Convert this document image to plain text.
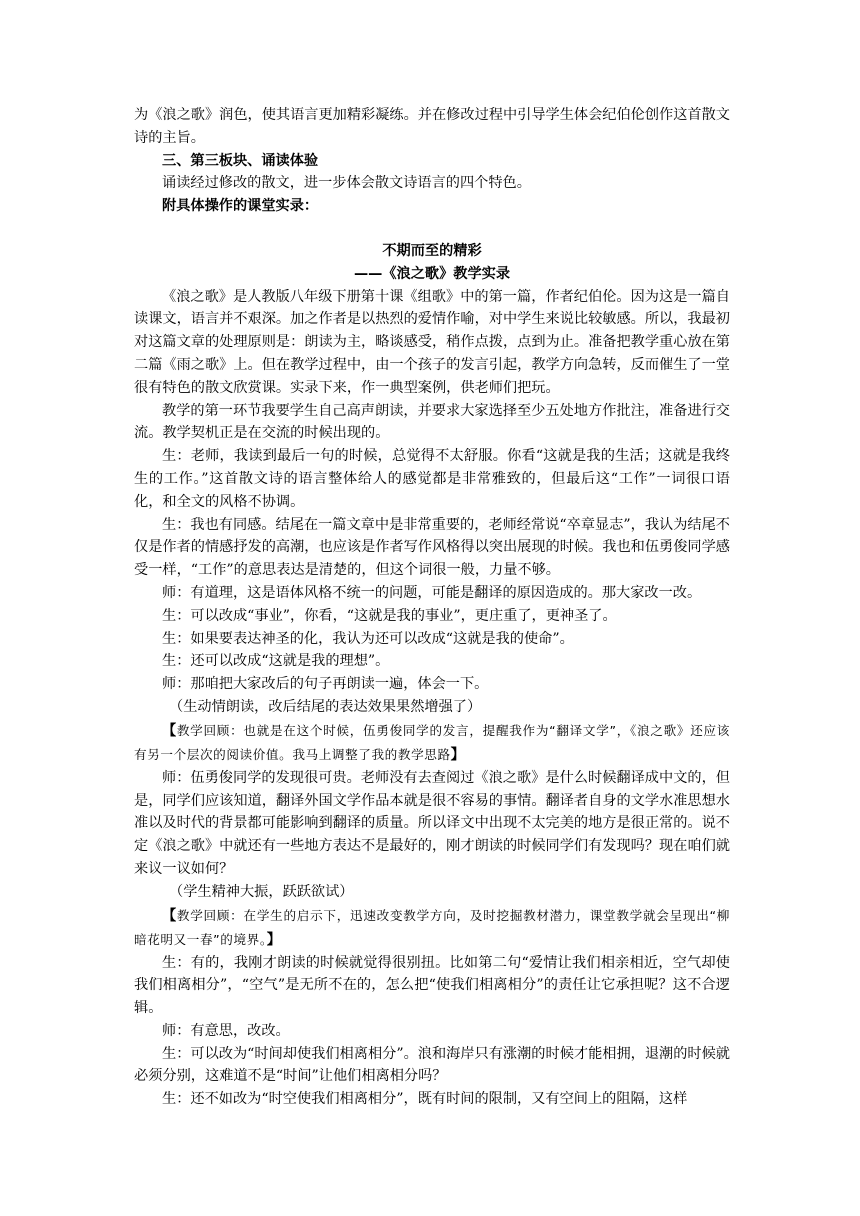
为《浪之歌》润色，使其语言更加精彩凝练。并在修改过程中引导学生体会纪伯伦创作这首散文诗的主旨。

三、第三板块、诵读体验

诵读经过修改的散文，进一步体会散文诗语言的四个特色。

附具体操作的课堂实录：

不期而至的精彩

——《浪之歌》教学实录

《浪之歌》是人教版八年级下册第十课《组歌》中的第一篇，作者纪伯伦。因为这是一篇自读课文，语言并不艰深。加之作者是以热烈的爱情作喻，对中学生来说比较敏感。所以，我最初对这篇文章的处理原则是：朗读为主，略谈感受，稍作点拨，点到为止。准备把教学重心放在第二篇《雨之歌》上。但在教学过程中，由一个孩子的发言引起，教学方向急转，反而催生了一堂很有特色的散文欣赏课。实录下来，作一典型案例，供老师们把玩。

教学的第一环节我要学生自己高声朗读，并要求大家选择至少五处地方作批注，准备进行交流。教学契机正是在交流的时候出现的。

生：老师，我读到最后一句的时候，总觉得不太舒服。你看“这就是我的生活；这就是我终生的工作。”这首散文诗的语言整体给人的感觉都是非常雅致的，但最后这“工作”一词很口语化，和全文的风格不协调。

生：我也有同感。结尾在一篇文章中是非常重要的，老师经常说“卒章显志”，我认为结尾不仅是作者的情感抒发的高潮，也应该是作者写作风格得以突出展现的时候。我也和伍勇俊同学感受一样，“工作”的意思表达是清楚的，但这个词很一般，力量不够。

师：有道理，这是语体风格不统一的问题，可能是翻译的原因造成的。那大家改一改。

生：可以改成“事业”，你看，“这就是我的事业”，更庄重了，更神圣了。

生：如果要表达神圣的化，我认为还可以改成“这就是我的使命”。

生：还可以改成“这就是我的理想”。

师：那咱把大家改后的句子再朗读一遍，体会一下。

（生动情朗读，改后结尾的表达效果果然增强了）

【教学回顾：也就是在这个时候，伍勇俊同学的发言，提醒我作为“翻译文学”，《浪之歌》还应该有另一个层次的阅读价值。我马上调整了我的教学思路】

师：伍勇俊同学的发现很可贵。老师没有去查阅过《浪之歌》是什么时候翻译成中文的，但是，同学们应该知道，翻译外国文学作品本就是很不容易的事情。翻译者自身的文学水准思想水准以及时代的背景都可能影响到翻译的质量。所以译文中出现不太完美的地方是很正常的。说不定《浪之歌》中就还有一些地方表达不是最好的，刚才朗读的时候同学们有发现吗？现在咱们就来议一议如何？

（学生精神大振，跃跃欲试）

【教学回顾：在学生的启示下，迅速改变教学方向，及时挖掘教材潜力，课堂教学就会呈现出“柳暗花明又一春”的境界。】

生：有的，我刚才朗读的时候就觉得很别扭。比如第二句“爱情让我们相亲相近，空气却使我们相离相分”，“空气”是无所不在的，怎么把“使我们相离相分”的责任让它承担呢？这不合逻辑。

师：有意思，改改。

生：可以改为“时间却使我们相离相分”。浪和海岸只有涨潮的时候才能相拥，退潮的时候就必须分别，这难道不是“时间”让他们相离相分吗？

生：还不如改为“时空使我们相离相分”，既有时间的限制，又有空间上的阻隔，这样
